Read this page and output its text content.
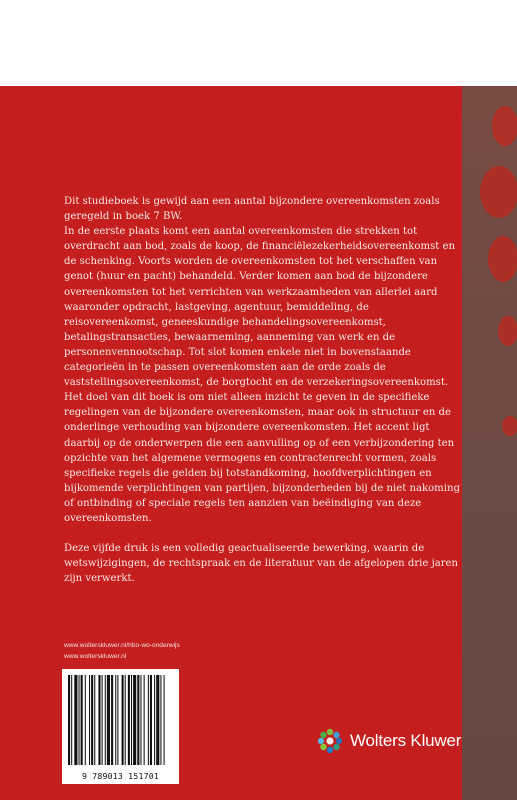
Dit studieboek is gewijd aan een aantal bijzondere overeenkomsten zoals geregeld in boek 7 BW.

In de eerste plaats komt een aantal overeenkomsten die strekken tot overdracht aan bod, zoals de koop, de financiëlezekerheidsovereenkomst en de schenking. Voorts worden de overeenkomsten tot het verschaffen van genot (huur en pacht) behandeld. Verder komen aan bod de bijzondere overeenkomsten tot het verrichten van werkzaamheden van allerlei aard waaronder opdracht, lastgeving, agentuur, bemiddeling, de reisovereenkomst, geneeskundige behandelingsovereenkomst, betalingstransacties, bewaarneming, aanneming van werk en de personenvennootschap. Tot slot komen enkele niet in bovenstaande categorieën in te passen overeenkomsten aan de orde zoals de vaststellingsovereenkomst, de borgtocht en de verzekeringsovereenkomst.

Het doel van dit boek is om niet alleen inzicht te geven in de specifieke regelingen van de bijzondere overeenkomsten, maar ook in structuur en de onderlinge verhouding van bijzondere overeenkomsten. Het accent ligt daarbij op de onderwerpen die een aanvulling op of een verbijzondering ten opzichte van het algemene vermogens en contractenrecht vormen, zoals specifieke regels die gelden bij totstandkoming, hoofdverplichtingen en bijkomende verplichtingen van partijen, bijzonderheden bij de niet nakoming of ontbinding of speciale regels ten aanzien van beëindiging van deze overeenkomsten.

Deze vijfde druk is een volledig geactualiseerde bewerking, waarin de wetswijzigingen, de rechtspraak en de literatuur van de afgelopen drie jaren zijn verwerkt.

www.wolterskluwer.nl/hbo-wo-onderwijs
www.wolterskluwer.nl
9 789013 151701
Wolters Kluwer
